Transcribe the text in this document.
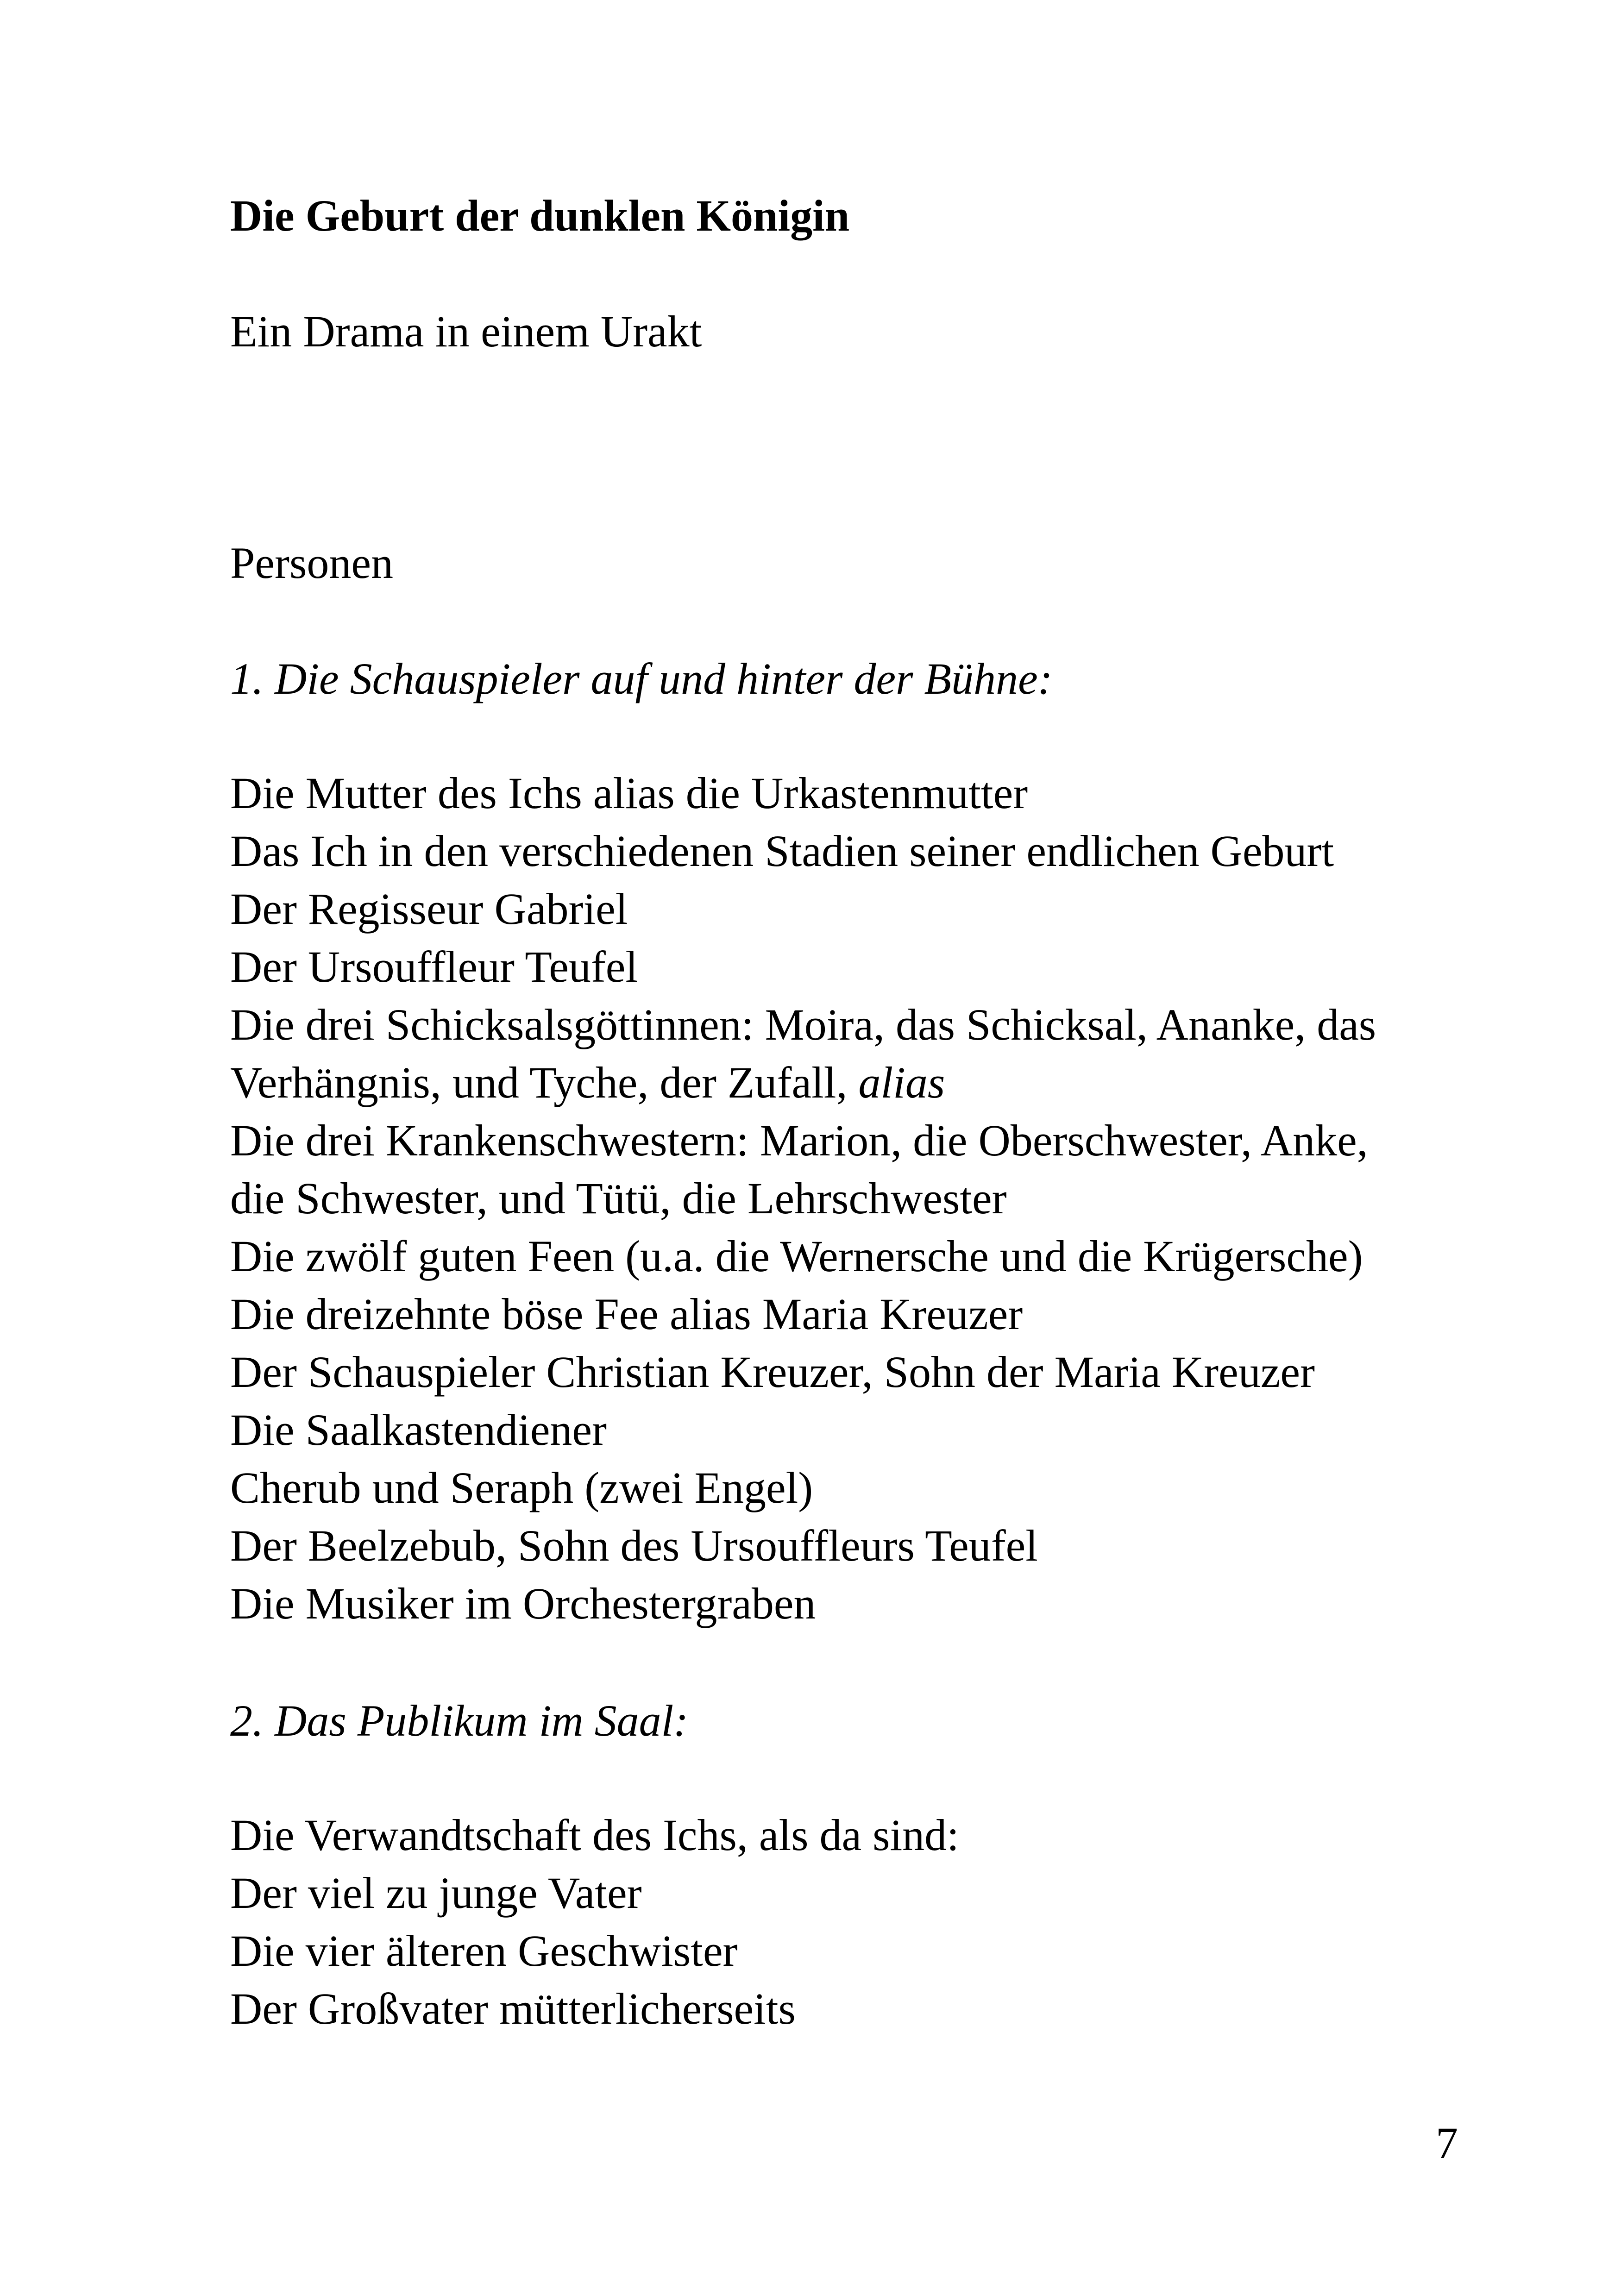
Die Geburt der dunklen Königin
Ein Drama in einem Urakt
Personen
1. Die Schauspieler auf und hinter der Bühne:
Die Mutter des Ichs alias die Urkastenmutter
Das Ich in den verschiedenen Stadien seiner endlichen Geburt
Der Regisseur Gabriel
Der Ursouffleur Teufel
Die drei Schicksalsgöttinnen: Moira, das Schicksal, Ananke, das
Verhängnis, und Tyche, der Zufall, alias
Die drei Krankenschwestern: Marion, die Oberschwester, Anke,
die Schwester, und Tütü, die Lehrschwester
Die zwölf guten Feen (u.a. die Wernersche und die Krügersche)
Die dreizehnte böse Fee alias Maria Kreuzer
Der Schauspieler Christian Kreuzer, Sohn der Maria Kreuzer
Die Saalkastendiener
Cherub und Seraph (zwei Engel)
Der Beelzebub, Sohn des Ursouffleurs Teufel
Die Musiker im Orchestergraben
2. Das Publikum im Saal:
Die Verwandtschaft des Ichs, als da sind:
Der viel zu junge Vater
Die vier älteren Geschwister
Der Großvater mütterlicherseits
7
